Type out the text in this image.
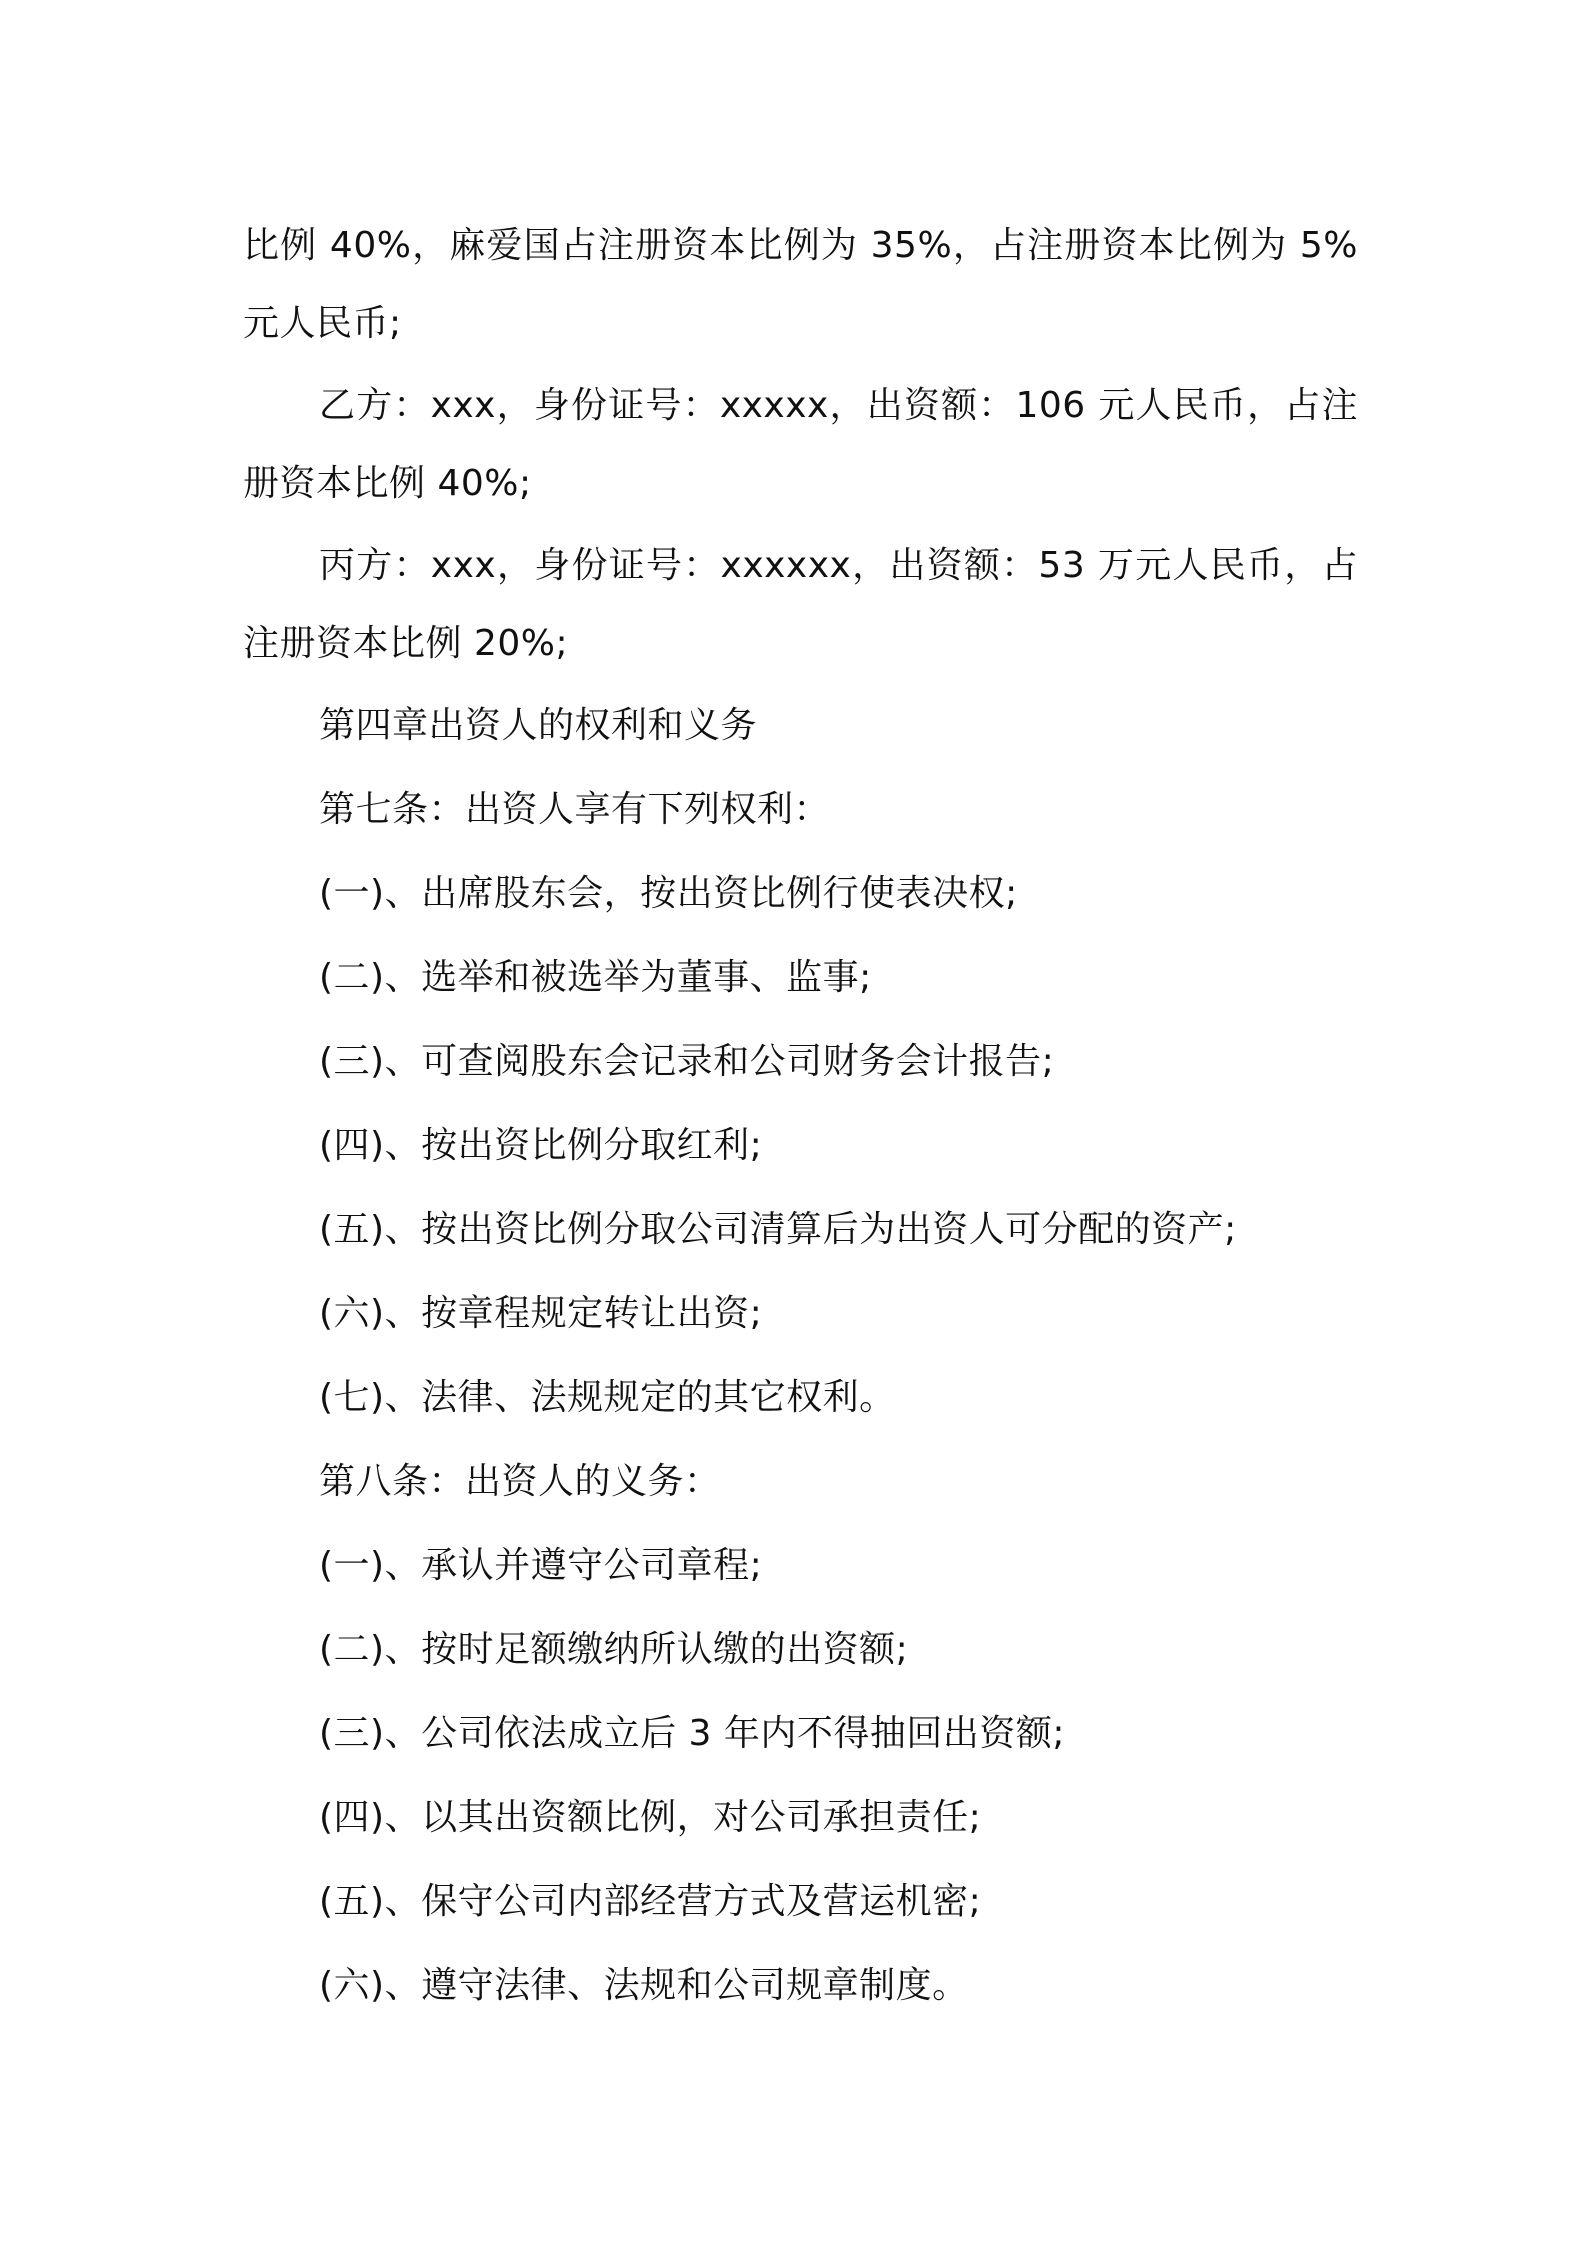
比例 40%，麻爱国占注册资本比例为 35%，占注册资本比例为 5%元人民币;

乙方：xxx，身份证号：xxxxx，出资额：106 元人民币，占注册资本比例 40%;

丙方：xxx，身份证号：xxxxxx，出资额：53 万元人民币，占注册资本比例 20%;

第四章出资人的权利和义务

第七条：出资人享有下列权利：

(一)、出席股东会，按出资比例行使表决权;

(二)、选举和被选举为董事、监事;

(三)、可查阅股东会记录和公司财务会计报告;

(四)、按出资比例分取红利;

(五)、按出资比例分取公司清算后为出资人可分配的资产;

(六)、按章程规定转让出资;

(七)、法律、法规规定的其它权利。

第八条：出资人的义务：

(一)、承认并遵守公司章程;

(二)、按时足额缴纳所认缴的出资额;

(三)、公司依法成立后 3 年内不得抽回出资额;

(四)、以其出资额比例，对公司承担责任;

(五)、保守公司内部经营方式及营运机密;

(六)、遵守法律、法规和公司规章制度。
